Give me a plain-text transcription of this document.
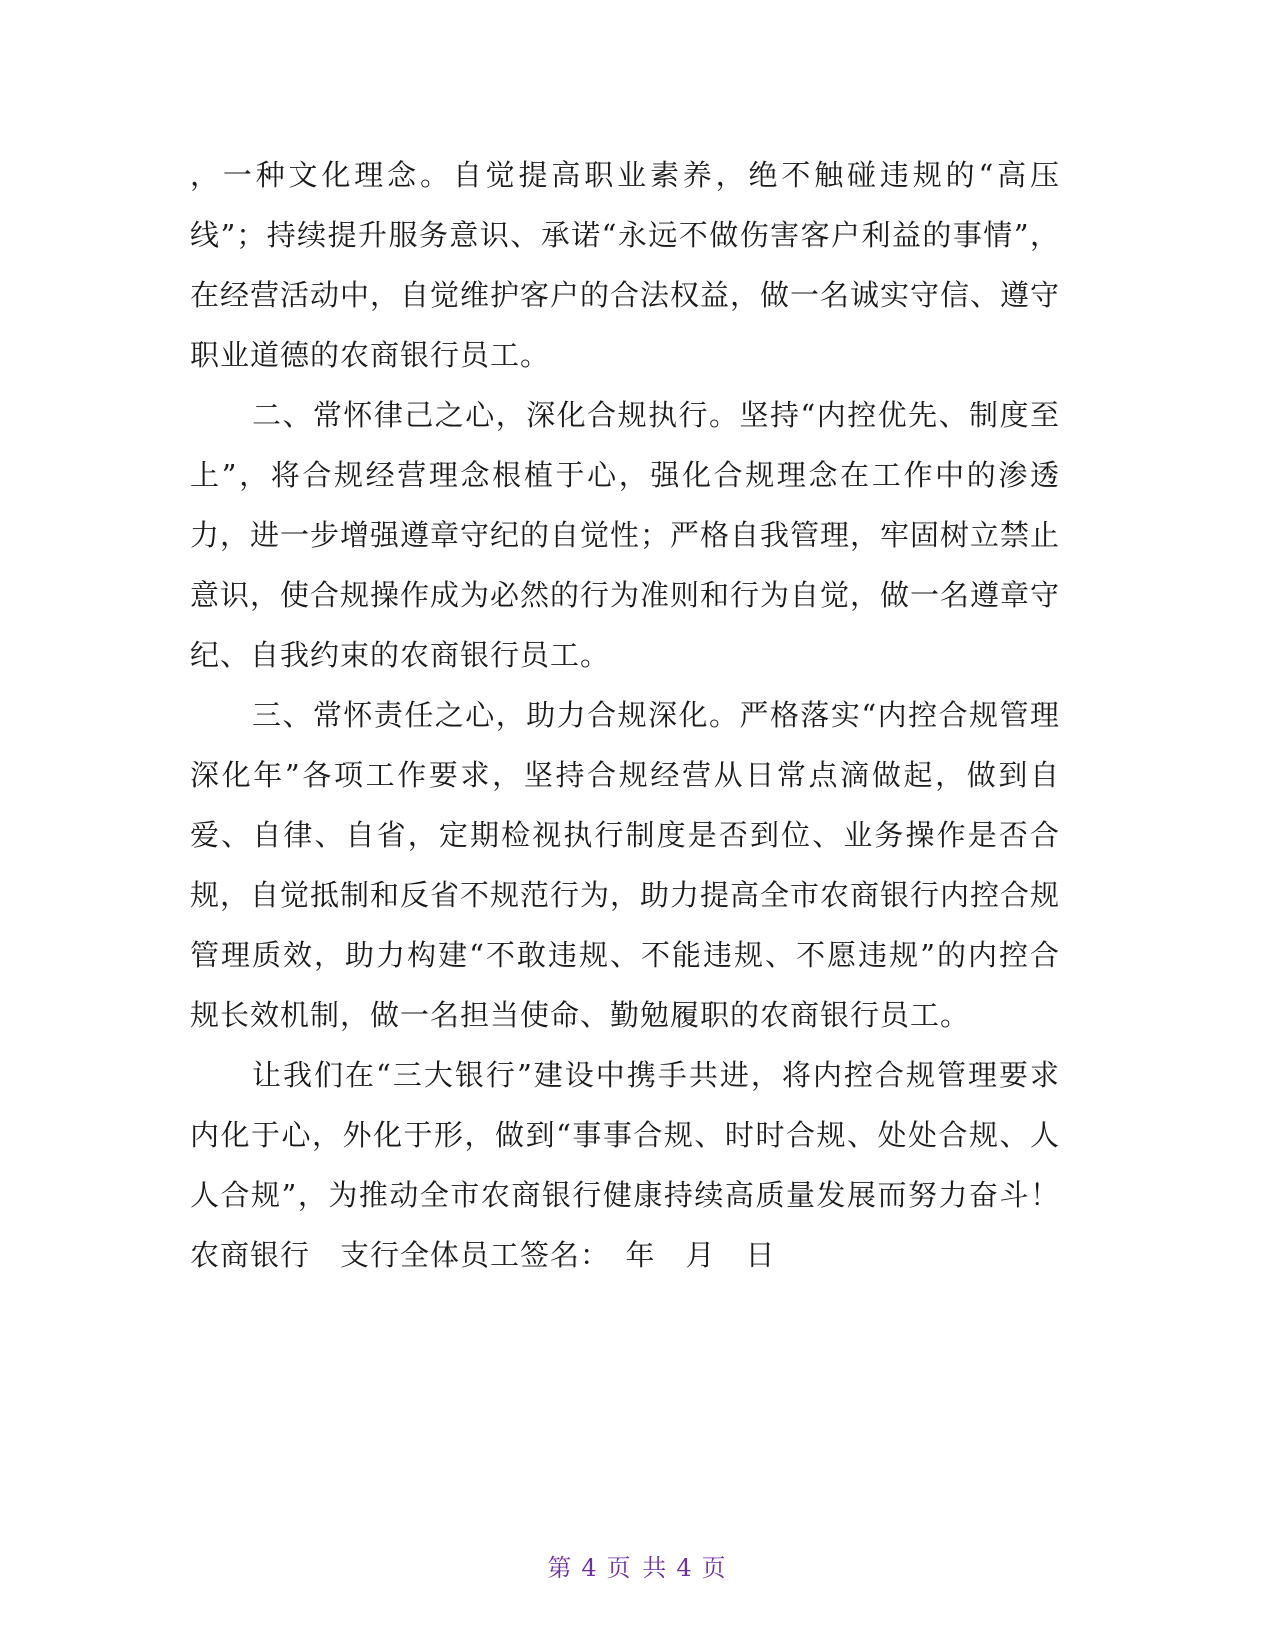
，一种文化理念。自觉提高职业素养，绝不触碰违规的“高压线”；持续提升服务意识、承诺“永远不做伤害客户利益的事情”，在经营活动中，自觉维护客户的合法权益，做一名诚实守信、遵守职业道德的农商银行员工。

二、常怀律己之心，深化合规执行。坚持“内控优先、制度至上”，将合规经营理念根植于心，强化合规理念在工作中的渗透力，进一步增强遵章守纪的自觉性；严格自我管理，牢固树立禁止意识，使合规操作成为必然的行为准则和行为自觉，做一名遵章守纪、自我约束的农商银行员工。

三、常怀责任之心，助力合规深化。严格落实“内控合规管理深化年”各项工作要求，坚持合规经营从日常点滴做起，做到自爱、自律、自省，定期检视执行制度是否到位、业务操作是否合规，自觉抵制和反省不规范行为，助力提高全市农商银行内控合规管理质效，助力构建“不敢违规、不能违规、不愿违规”的内控合规长效机制，做一名担当使命、勤勉履职的农商银行员工。

让我们在“三大银行”建设中携手共进，将内控合规管理要求内化于心，外化于形，做到“事事合规、时时合规、处处合规、人人合规”，为推动全市农商银行健康持续高质量发展而努力奋斗！　农商银行　支行全体员工签名：　年　月　日

第 4 页 共 4 页
